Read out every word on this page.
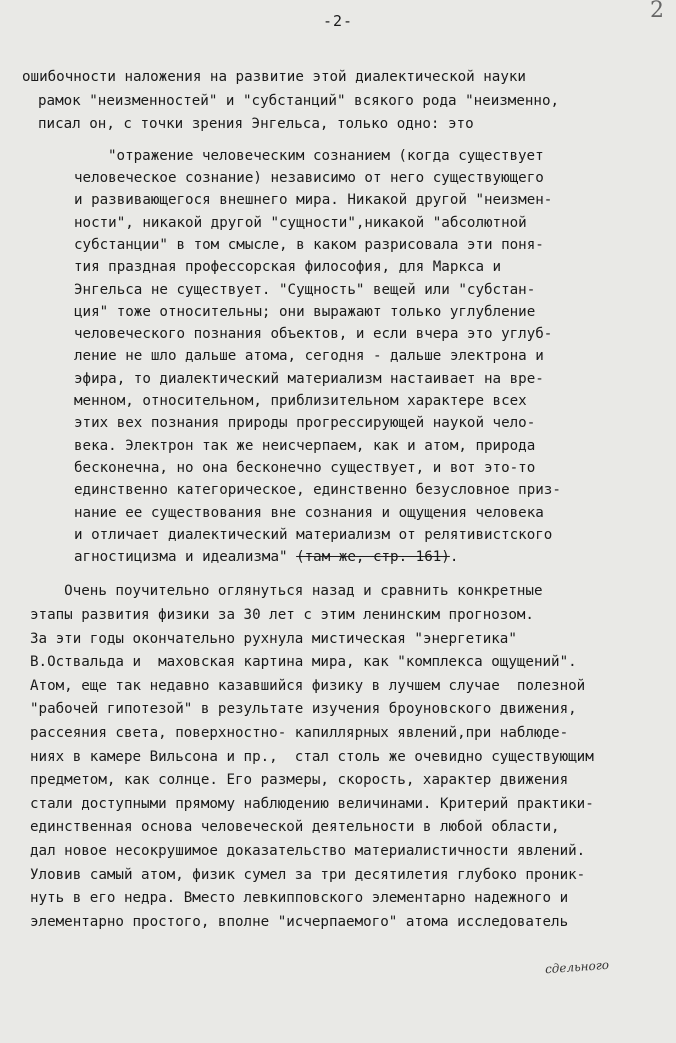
-2-	2
ошибочности наложения на развитие этой диалектической науки
рамок "неизменностей" и "субстанций" всякого рода "неизменно,
писал он, с точки зрения Энгельса, только одно: это
"отражение человеческим сознанием (когда существует
человеческое сознание) независимо от него существующего
и развивающегося внешнего мира. Никакой другой "неизмен-
ности", никакой другой "сущности",никакой "абсолютной
субстанции" в том смысле, в каком разрисовала эти поня-
тия праздная профессорская философия, для Маркса и
Энгельса не существует. "Сущность" вещей или "субстан-
ция" тоже относительны; они выражают только углубление
человеческого познания объектов, и если вчера это углуб-
ление не шло дальше атома, сегодня - дальше электрона и
эфира, то диалектический материализм настаивает на вре-
менном, относительном, приблизительном характере всех
этих вех познания природы прогрессирующей наукой чело-
века. Электрон так же неисчерпаем, как и атом, природа
бесконечна, но она бесконечно существует, и вот это-то
единственно категорическое, единственно безусловное приз-
нание ее существования вне сознания и ощущения человека
и отличает диалектический материализм от релятивистского
агностицизма и идеализма" (там же, стр. 161).
Очень поучительно оглянуться назад и сравнить конкретные
этапы развития физики за 30 лет с этим ленинским прогнозом.
За эти годы окончательно рухнула мистическая "энергетика"
В.Оствальда и  маховская картина мира, как "комплекса ощущений".
Атом, еще так недавно казавшийся физику в лучшем случае  полезной
"рабочей гипотезой" в результате изучения броуновского движения,
рассеяния света, поверхностно- капиллярных явлений,при наблюде-
ниях в камере Вильсона и пр.,  стал столь же очевидно существующим
предметом, как солнце. Его размеры, скорость, характер движения
стали доступными прямому наблюдению величинами. Критерий практики-
единственная основа человеческой деятельности в любой области,
дал новое несокрушимое доказательство материалистичности явлений.
Уловив самый атом, физик сумел за три десятилетия глубоко проник-
нуть в его недра. Вместо левкипповского элементарно надежного и
элементарно простого, вполне "исчерпаемого" атома исследователь
сдельного
